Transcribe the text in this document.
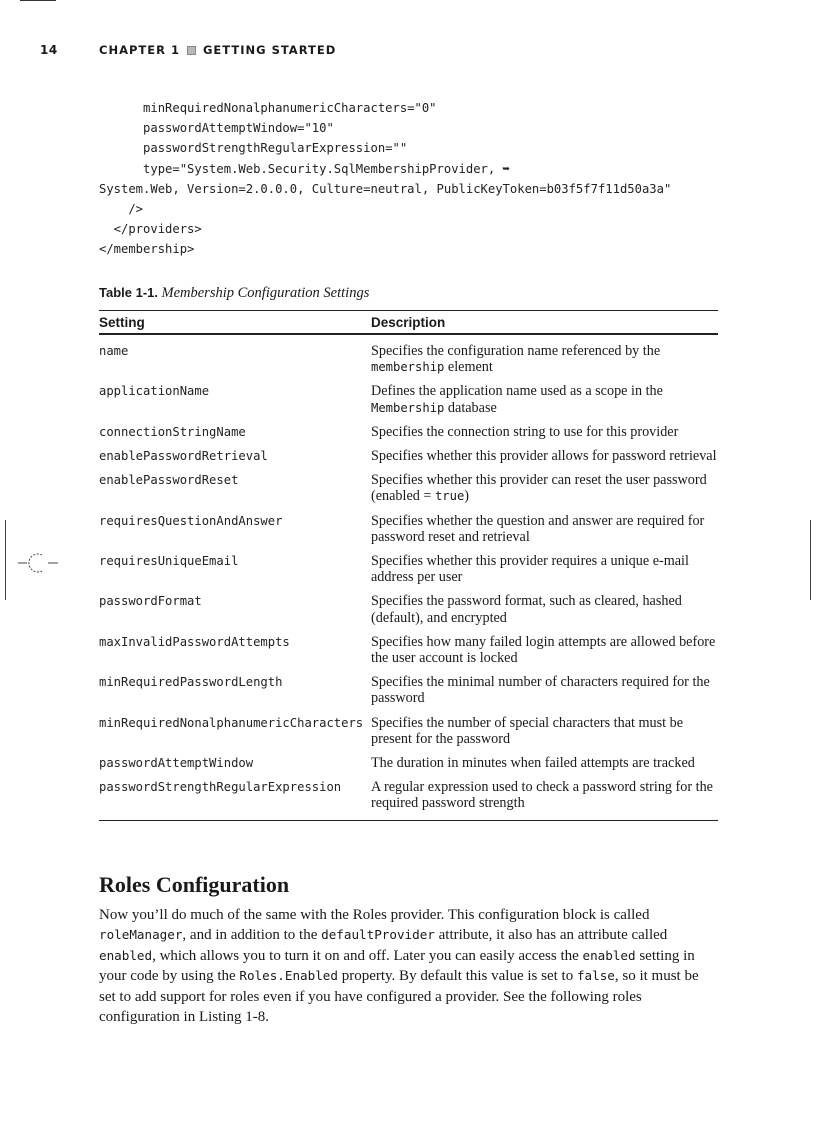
14	CHAPTER 1 GETTING STARTED
minRequiredNonalphanumericCharacters="0"
passwordAttemptWindow="10"
passwordStrengthRegularExpression=""
type="System.Web.Security.SqlMembershipProvider, ➥
System.Web, Version=2.0.0.0, Culture=neutral, PublicKeyToken=b03f5f7f11d50a3a"
/>
</providers>
</membership>
Table 1-1. Membership Configuration Settings
Setting	Description
name	Specifies the configuration name referenced by the membership element
applicationName	Defines the application name used as a scope in the Membership database
connectionStringName	Specifies the connection string to use for this provider
enablePasswordRetrieval	Specifies whether this provider allows for password retrieval
enablePasswordReset	Specifies whether this provider can reset the user password (enabled = true)
requiresQuestionAndAnswer	Specifies whether the question and answer are required for password reset and retrieval
requiresUniqueEmail	Specifies whether this provider requires a unique e-mail address per user
passwordFormat	Specifies the password format, such as cleared, hashed (default), and encrypted
maxInvalidPasswordAttempts	Specifies how many failed login attempts are allowed before the user account is locked
minRequiredPasswordLength	Specifies the minimal number of characters required for the password
minRequiredNonalphanumericCharacters	Specifies the number of special characters that must be present for the password
passwordAttemptWindow	The duration in minutes when failed attempts are tracked
passwordStrengthRegularExpression	A regular expression used to check a password string for the required password strength
Roles Configuration

Now you’ll do much of the same with the Roles provider. This configuration block is called roleManager, and in addition to the defaultProvider attribute, it also has an attribute called enabled, which allows you to turn it on and off. Later you can easily access the enabled setting in your code by using the Roles.Enabled property. By default this value is set to false, so it must be set to add support for roles even if you have configured a provider. See the following roles configuration in Listing 1-8.
